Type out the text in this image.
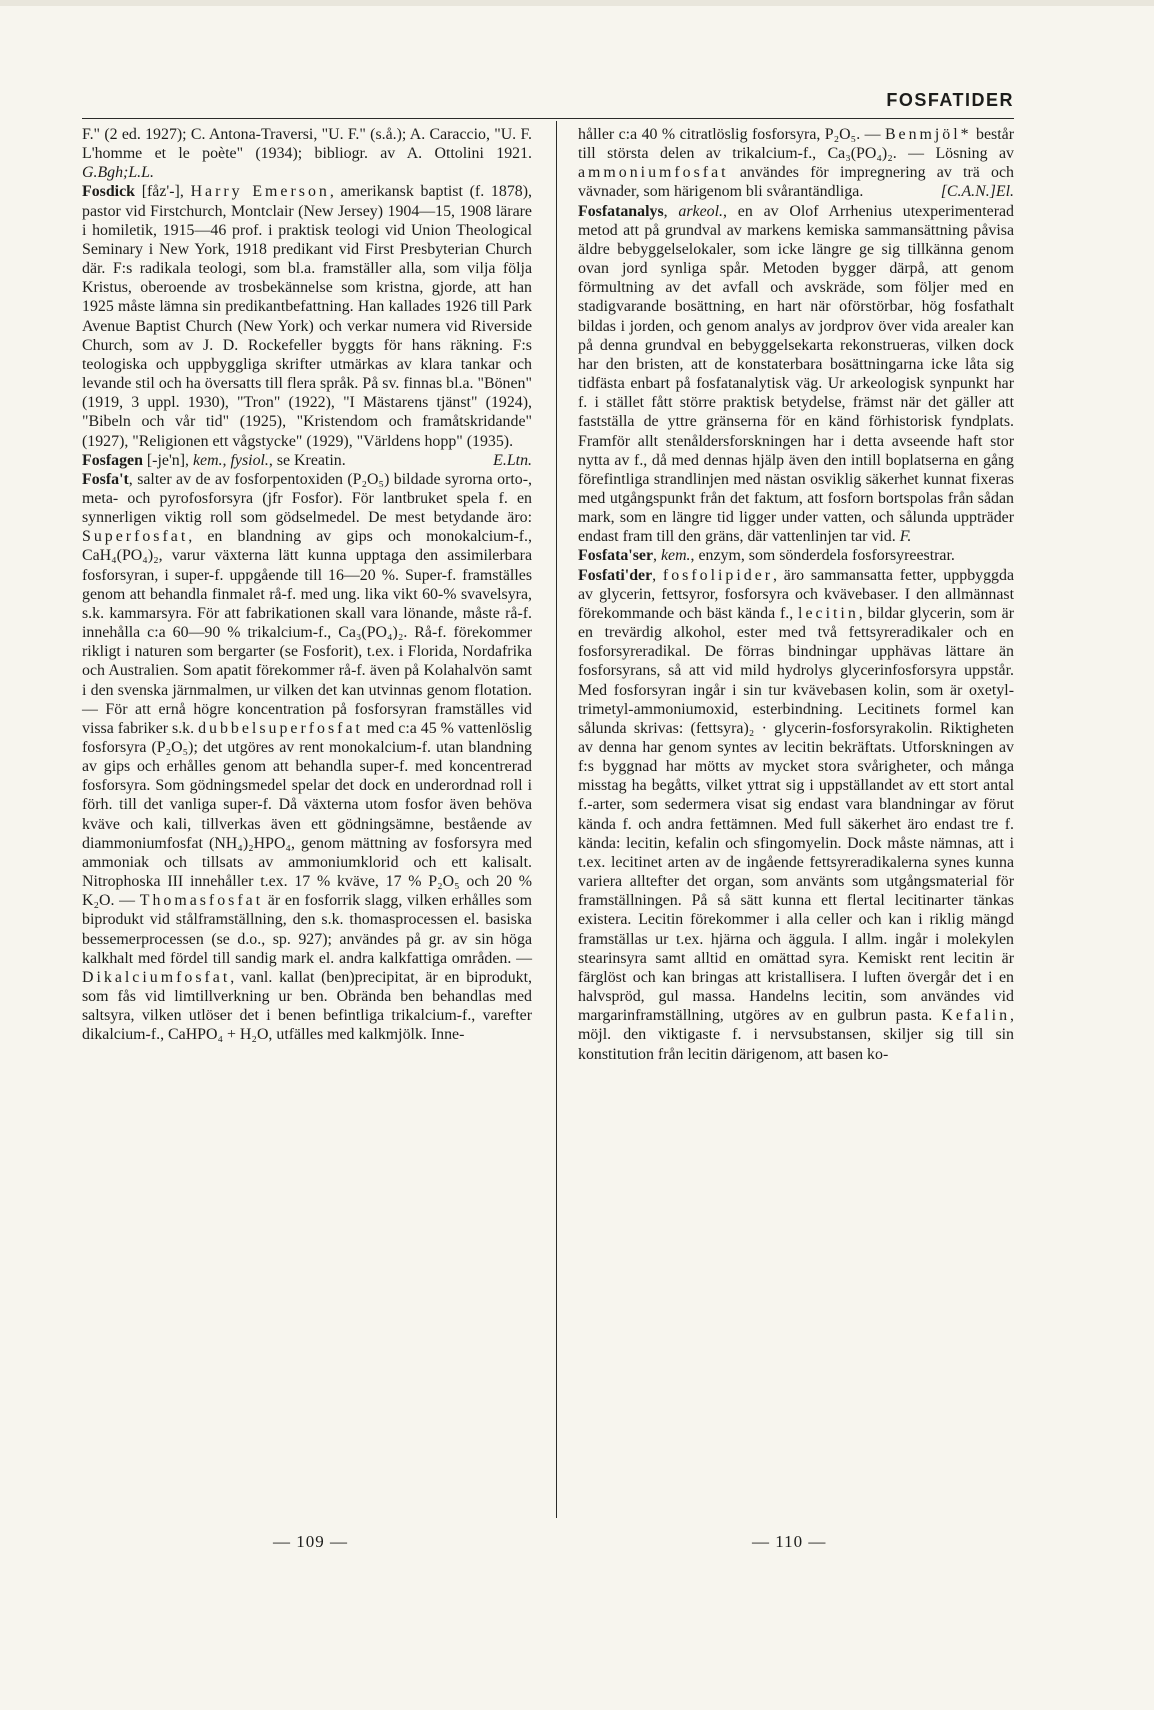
FOSFATIDER

F." (2 ed. 1927); C. Antona-Traversi, "U. F." (s.å.); A. Caraccio, "U. F. L'homme et le poète" (1934); bibliogr. av A. Ottolini 1921. G.Bgh;L.L.

Fosdick [fåz'-], Harry Emerson, amerikansk baptist (f. 1878), pastor vid Firstchurch, Montclair (New Jersey) 1904—15, 1908 lärare i homiletik, 1915—46 prof. i praktisk teologi vid Union Theological Seminary i New York, 1918 predikant vid First Presbyterian Church där. F:s radikala teologi, som bl.a. framställer alla, som vilja följa Kristus, oberoende av trosbekännelse som kristna, gjorde, att han 1925 måste lämna sin predikantbefattning. Han kallades 1926 till Park Avenue Baptist Church (New York) och verkar numera vid Riverside Church, som av J. D. Rockefeller byggts för hans räkning. F:s teologiska och uppbyggliga skrifter utmärkas av klara tankar och levande stil och ha översatts till flera språk. På sv. finnas bl.a. "Bönen" (1919, 3 uppl. 1930), "Tron" (1922), "I Mästarens tjänst" (1924), "Bibeln och vår tid" (1925), "Kristendom och framåtskridande" (1927), "Religionen ett vågstycke" (1929), "Världens hopp" (1935).
E.Ltn.

Fosfagen [-je'n], kem., fysiol., se Kreatin.

Fosfa't, salter av de av fosforpentoxiden (P₂O₅) bildade syrorna orto-, meta- och pyrofosforsyra (jfr Fosfor). För lantbruket spela f. en synnerligen viktig roll som gödselmedel. De mest betydande äro: Superfosfat, en blandning av gips och monokalcium-f., CaH₄(PO₄)₂, varur växterna lätt kunna upptaga den assimilerbara fosforsyran, i super-f. uppgående till 16—20 %. Super-f. framställes genom att behandla finmalet rå-f. med ung. lika vikt 60-% svavelsyra, s.k. kammarsyra. För att fabrikationen skall vara lönande, måste rå-f. innehålla c:a 60—90 % trikalcium-f., Ca₃(PO₄)₂. Rå-f. förekommer rikligt i naturen som bergarter (se Fosforit), t.ex. i Florida, Nordafrika och Australien. Som apatit förekommer rå-f. även på Kolahalvön samt i den svenska järnmalmen, ur vilken det kan utvinnas genom flotation. — För att ernå högre koncentration på fosforsyran framställes vid vissa fabriker s.k. dubbelsuperfosfat med c:a 45 % vattenlöslig fosforsyra (P₂O₅); det utgöres av rent monokalcium-f. utan blandning av gips och erhålles genom att behandla super-f. med koncentrerad fosforsyra. Som gödningsmedel spelar det dock en underordnad roll i förh. till det vanliga super-f. Då växterna utom fosfor även behöva kväve och kali, tillverkas även ett gödningsämne, bestående av diammoniumfosfat (NH₄)₂HPO₄, genom mättning av fosforsyra med ammoniak och tillsats av ammoniumklorid och ett kalisalt. Nitrophoska III innehåller t.ex. 17 % kväve, 17 % P₂O₅ och 20 % K₂O. — Thomasfosfat är en fosforrik slagg, vilken erhålles som biprodukt vid stålframställning, den s.k. thomasprocessen el. basiska bessemerprocessen (se d.o., sp. 927); användes på gr. av sin höga kalkhalt med fördel till sandig mark el. andra kalkfattiga områden. — Dikalciumfosfat, vanl. kallat (ben)precipitat, är en biprodukt, som fås vid limtillverkning ur ben. Obrända ben behandlas med saltsyra, vilken utlöser det i benen befintliga trikalcium-f., varefter dikalcium-f., CaHPO₄ + H₂O, utfälles med kalkmjölk. Inne-

håller c:a 40 % citratlöslig fosforsyra, P₂O₅. — Benmjöl* består till största delen av trikalcium-f., Ca₃(PO₄)₂. — Lösning av ammoniumfosfat användes för impregnering av trä och vävnader, som härigenom bli svårantändliga.	[C.A.N.]El.

Fosfatanalys, arkeol., en av Olof Arrhenius utexperimenterad metod att på grundval av markens kemiska sammansättning påvisa äldre bebyggelselokaler, som icke längre ge sig tillkänna genom ovan jord synliga spår. Metoden bygger därpå, att genom förmultning av det avfall och avskräde, som följer med en stadigvarande bosättning, en hart när oförstörbar, hög fosfathalt bildas i jorden, och genom analys av jordprov över vida arealer kan på denna grundval en bebyggelsekarta rekonstrueras, vilken dock har den bristen, att de konstaterbara bosättningarna icke låta sig tidfästa enbart på fosfatanalytisk väg. Ur arkeologisk synpunkt har f. i stället fått större praktisk betydelse, främst när det gäller att fastställa de yttre gränserna för en känd förhistorisk fyndplats. Framför allt stenåldersforskningen har i detta avseende haft stor nytta av f., då med dennas hjälp även den intill boplatserna en gång förefintliga strandlinjen med nästan osviklig säkerhet kunnat fixeras med utgångspunkt från det faktum, att fosforn bortspolas från sådan mark, som en längre tid ligger under vatten, och sålunda uppträder endast fram till den gräns, där vattenlinjen tar vid. F.

Fosfata'ser, kem., enzym, som sönderdela fosforsyreestrar.

Fosfati'der, fosfolipider, äro sammansatta fetter, uppbyggda av glycerin, fettsyror, fosforsyra och kvävebaser. I den allmännast förekommande och bäst kända f., lecitin, bildar glycerin, som är en trevärdig alkohol, ester med två fettsyreradikaler och en fosforsyreradikal. De förras bindningar upphävas lättare än fosforsyrans, så att vid mild hydrolys glycerinfosforsyra uppstår. Med fosforsyran ingår i sin tur kvävebasen kolin, som är oxetyl-trimetyl-ammoniumoxid, esterbindning. Lecitinets formel kan sålunda skrivas: (fettsyra)₂ · glycerin-fosforsyrakolin. Riktigheten av denna har genom syntes av lecitin bekräftats. Utforskningen av f:s byggnad har mötts av mycket stora svårigheter, och många misstag ha begåtts, vilket yttrat sig i uppställandet av ett stort antal f.-arter, som sedermera visat sig endast vara blandningar av förut kända f. och andra fettämnen. Med full säkerhet äro endast tre f. kända: lecitin, kefalin och sfingomyelin. Dock måste nämnas, att i t.ex. lecitinet arten av de ingående fettsyreradikalerna synes kunna variera alltefter det organ, som använts som utgångsmaterial för framställningen. På så sätt kunna ett flertal lecitinarter tänkas existera. Lecitin förekommer i alla celler och kan i riklig mängd framställas ur t.ex. hjärna och äggula. I allm. ingår i molekylen stearinsyra samt alltid en omättad syra. Kemiskt rent lecitin är färglöst och kan bringas att kristallisera. I luften övergår det i en halvspröd, gul massa. Handelns lecitin, som användes vid margarinframställning, utgöres av en gulbrun pasta. Kefalin, möjl. den viktigaste f. i nervsubstansen, skiljer sig till sin konstitution från lecitin därigenom, att basen ko-

— 109 —	— 110 —
